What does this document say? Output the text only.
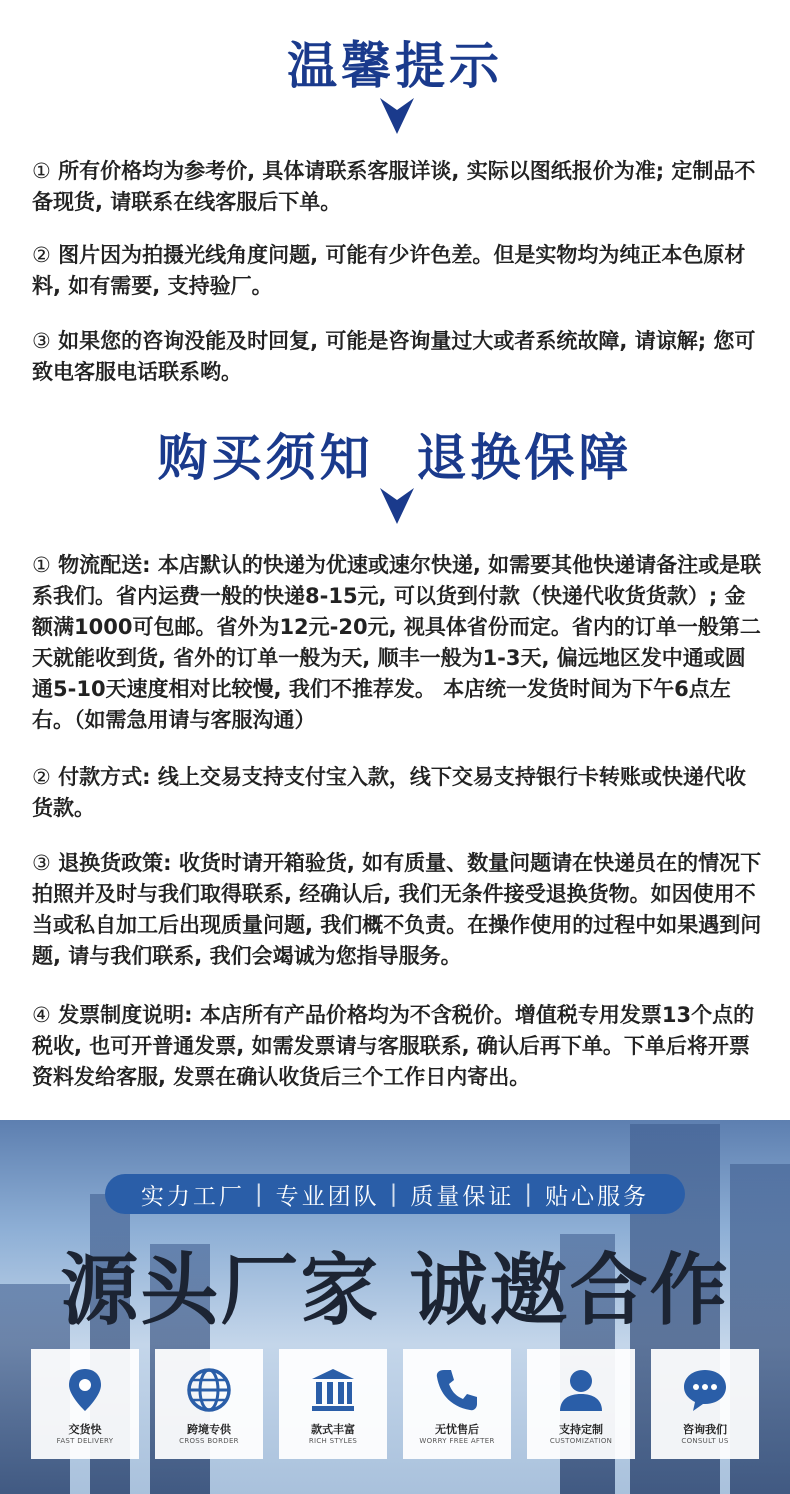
温馨提示
① 所有价格均为参考价, 具体请联系客服详谈, 实际以图纸报价为准; 定制品不备现货, 请联系在线客服后下单。
② 图片因为拍摄光线角度问题, 可能有少许色差。但是实物均为纯正本色原材料, 如有需要, 支持验厂。
③ 如果您的咨询没能及时回复, 可能是咨询量过大或者系统故障, 请谅解; 您可致电客服电话联系哟。
购买须知  退换保障
① 物流配送: 本店默认的快递为优速或速尔快递, 如需要其他快递请备注或是联系我们。省内运费一般的快递8-15元, 可以货到付款（快递代收货货款）; 金额满1000可包邮。省外为12元-20元, 视具体省份而定。省内的订单一般第二天就能收到货, 省外的订单一般为天, 顺丰一般为1-3天, 偏远地区发中通或圆通5-10天速度相对比较慢, 我们不推荐发。 本店统一发货时间为下午6点左右。（如需急用请与客服沟通）
② 付款方式: 线上交易支持支付宝入款，线下交易支持银行卡转账或快递代收货款。
③ 退换货政策: 收货时请开箱验货, 如有质量、数量问题请在快递员在的情况下拍照并及时与我们取得联系, 经确认后, 我们无条件接受退换货物。如因使用不当或私自加工后出现质量问题, 我们概不负责。在操作使用的过程中如果遇到问题, 请与我们联系, 我们会竭诚为您指导服务。
④ 发票制度说明: 本店所有产品价格均为不含税价。增值税专用发票13个点的税收, 也可开普通发票, 如需发票请与客服联系, 确认后再下单。下单后将开票资料发给客服, 发票在确认收货后三个工作日内寄出。
实力工厂 | 专业团队 | 质量保证 | 贴心服务
源头厂家 诚邀合作
交货快
FAST DELIVERY
跨境专供
CROSS BORDER
款式丰富
RICH STYLES
无忧售后
WORRY FREE AFTER
支持定制
CUSTOMIZATION
咨询我们
CONSULT US
